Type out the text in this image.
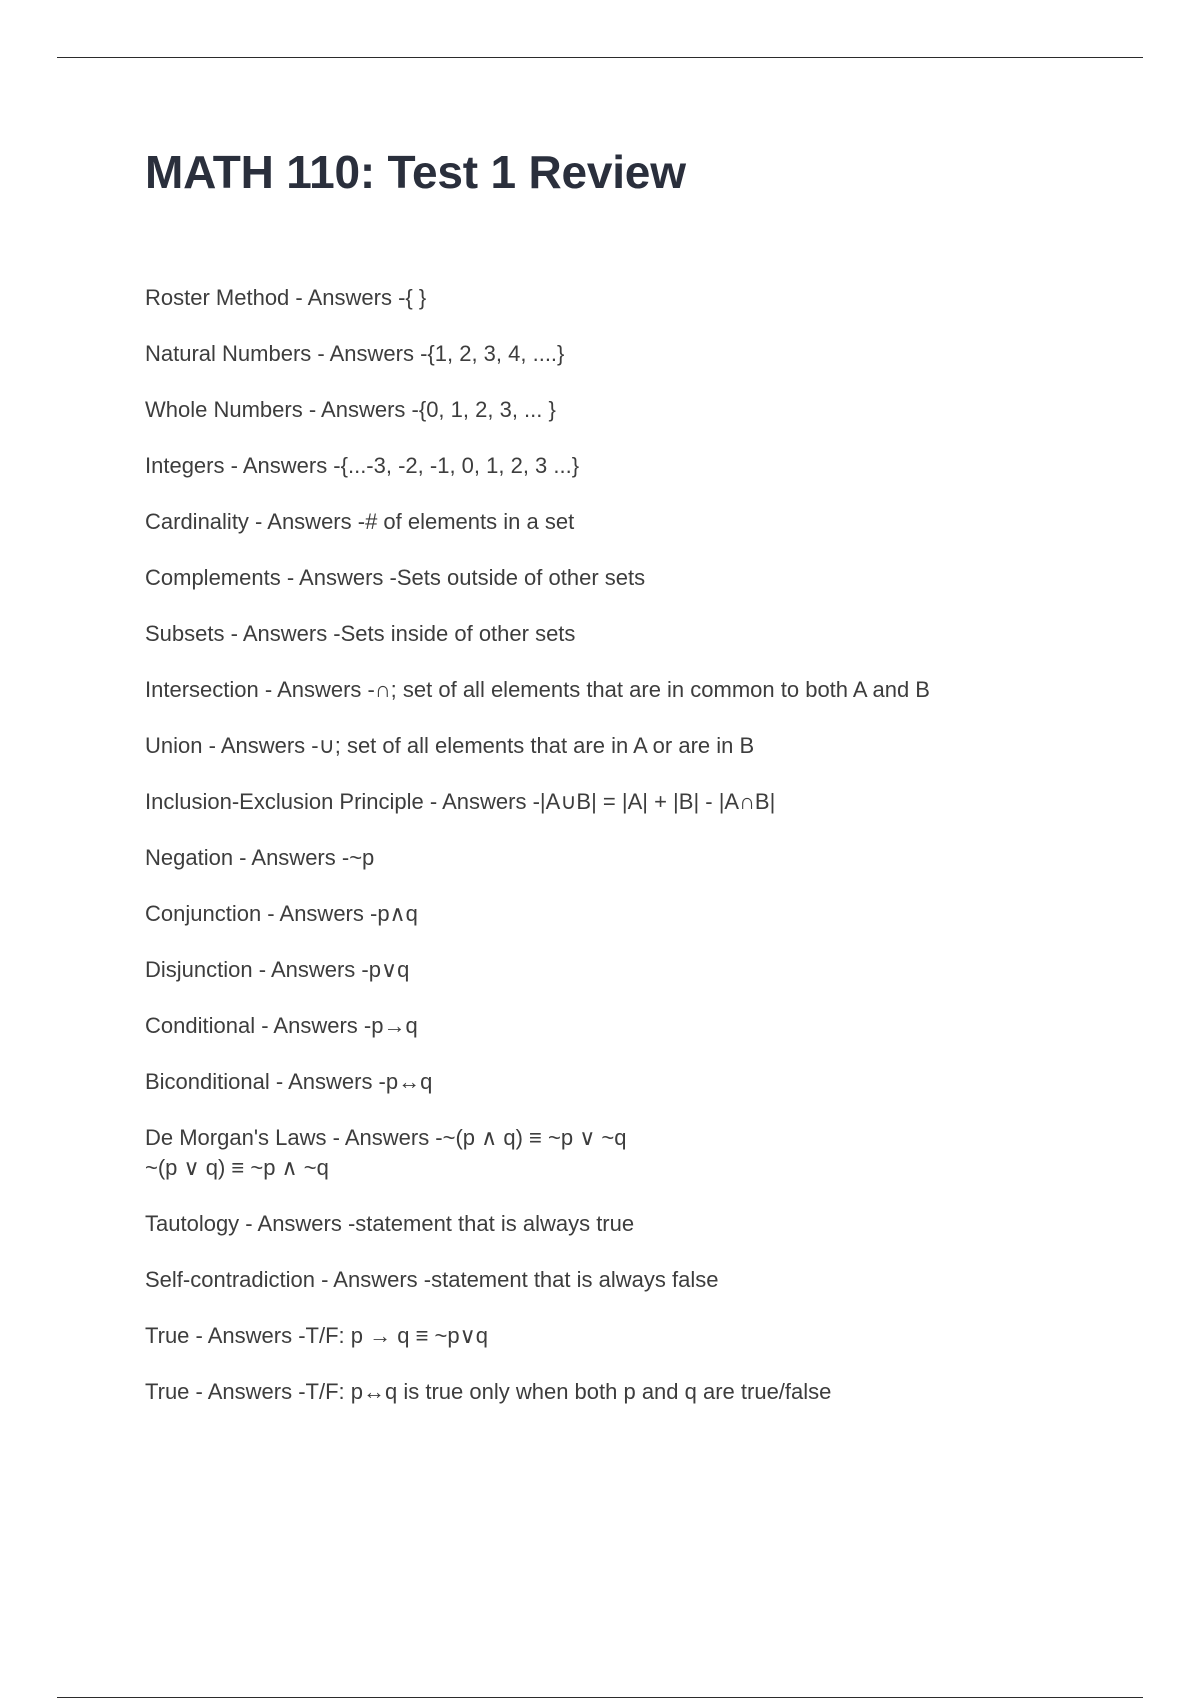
MATH 110: Test 1 Review
Roster Method - Answers -{ }
Natural Numbers - Answers -{1, 2, 3, 4, ....}
Whole Numbers - Answers -{0, 1, 2, 3, ... }
Integers - Answers -{...-3, -2, -1, 0, 1, 2, 3 ...}
Cardinality - Answers -# of elements in a set
Complements - Answers -Sets outside of other sets
Subsets - Answers -Sets inside of other sets
Intersection - Answers -∩; set of all elements that are in common to both A and B
Union - Answers -∪; set of all elements that are in A or are in B
Inclusion-Exclusion Principle - Answers -|A∪B| = |A| + |B| - |A∩B|
Negation - Answers -~p
Conjunction - Answers -p∧q
Disjunction - Answers -p∨q
Conditional - Answers -p→q
Biconditional - Answers -p↔q
De Morgan's Laws - Answers -~(p ∧ q) ≡ ~p ∨ ~q
~(p ∨ q) ≡ ~p ∧ ~q
Tautology - Answers -statement that is always true
Self-contradiction - Answers -statement that is always false
True - Answers -T/F: p → q ≡ ~p∨q
True - Answers -T/F: p↔q is true only when both p and q are true/false
